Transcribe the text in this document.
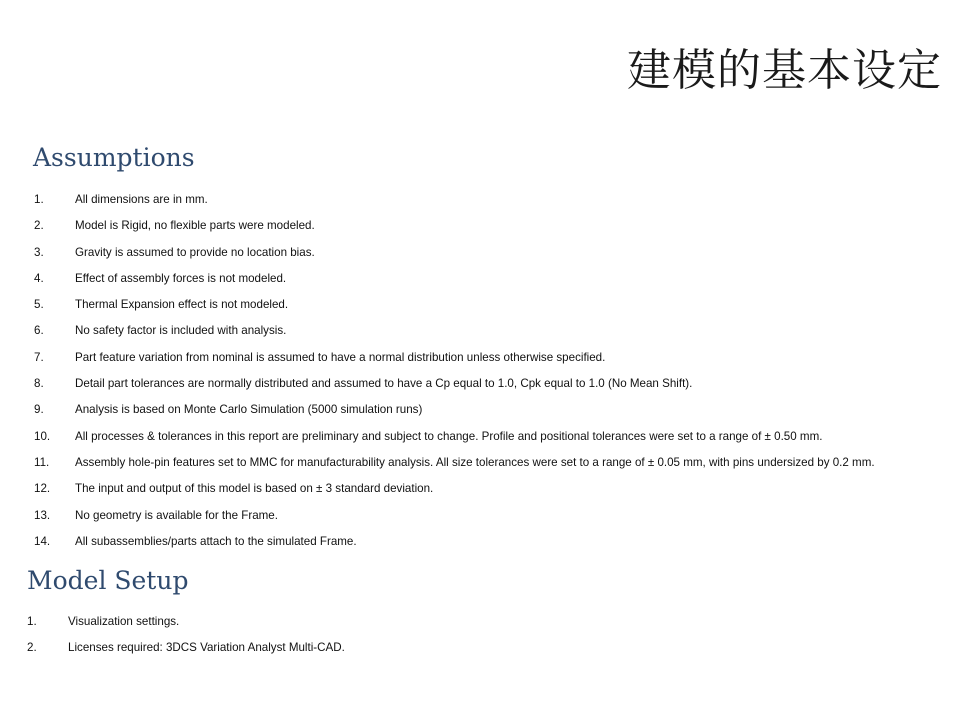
建模的基本设定
Assumptions
1.	All dimensions are in mm.
2.	Model is Rigid, no flexible parts were modeled.
3.	Gravity is assumed to provide no location bias.
4.	Effect of assembly forces is not modeled.
5.	Thermal Expansion effect is not modeled.
6.	No safety factor is included with analysis.
7.	Part feature variation from nominal is assumed to have a normal distribution unless otherwise specified.
8.	Detail part tolerances are normally distributed and assumed to have a Cp equal to 1.0, Cpk equal to 1.0 (No Mean Shift).
9.	Analysis is based on Monte Carlo Simulation (5000 simulation runs)
10. All processes & tolerances in this report are preliminary and subject to change. Profile and positional tolerances were set to a range of ± 0.50 mm.
11. Assembly hole-pin features set to MMC for manufacturability analysis. All size tolerances were set to a range of ± 0.05 mm, with pins undersized by 0.2 mm.
12. The input and output of this model is based on ± 3 standard deviation.
13. No geometry is available for the Frame.
14. All subassemblies/parts attach to the simulated Frame.
Model Setup
1.	Visualization settings.
2.	Licenses required: 3DCS Variation Analyst Multi-CAD.
